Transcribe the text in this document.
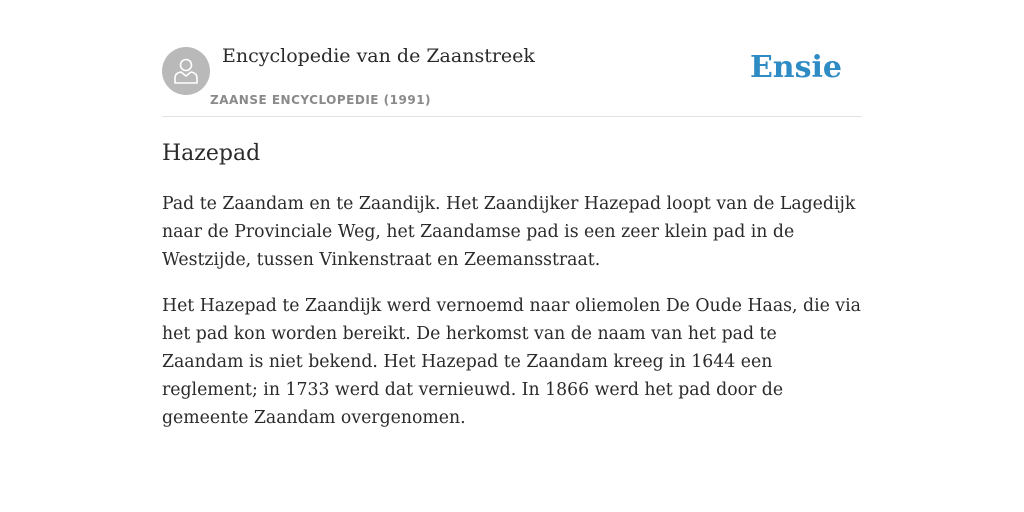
Encyclopedie van de Zaanstreek
ZAANSE ENCYCLOPEDIE (1991)
Ensie
Hazepad

Pad te Zaandam en te Zaandijk. Het Zaandijker Hazepad loopt van de Lagedijk naar de Provinciale Weg, het Zaandamse pad is een zeer klein pad in de Westzijde, tussen Vinkenstraat en Zeemansstraat.

Het Hazepad te Zaandijk werd vernoemd naar oliemolen De Oude Haas, die via het pad kon worden bereikt. De herkomst van de naam van het pad te Zaandam is niet bekend. Het Hazepad te Zaandam kreeg in 1644 een reglement; in 1733 werd dat vernieuwd. In 1866 werd het pad door de gemeente Zaandam overgenomen.
